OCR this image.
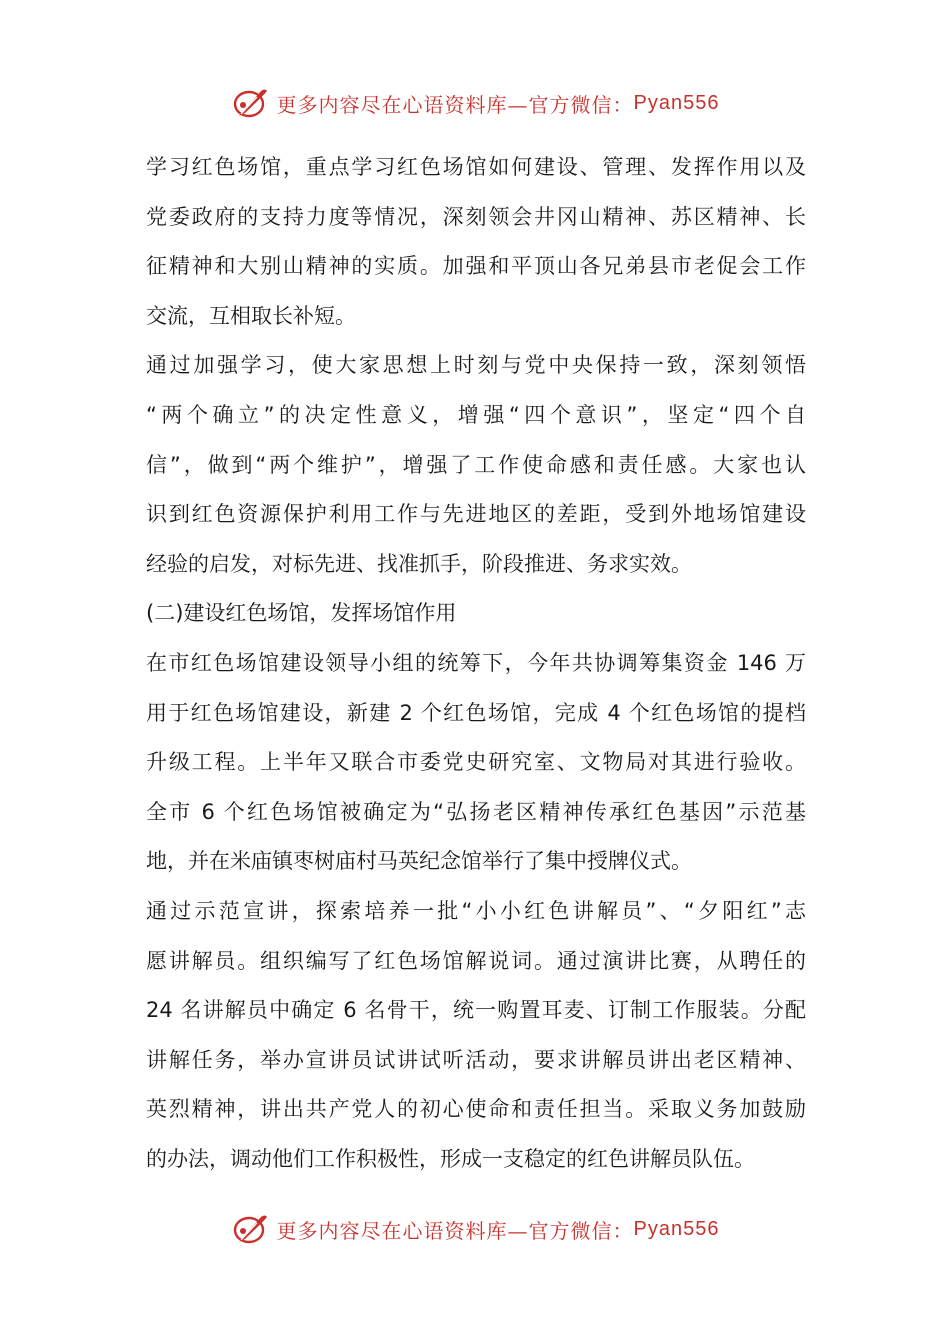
更多内容尽在心语资料库—官方微信： Pyan556
学习红色场馆，重点学习红色场馆如何建设、管理、发挥作用以及
党委政府的支持力度等情况，深刻领会井冈山精神、苏区精神、长
征精神和大别山精神的实质。加强和平顶山各兄弟县市老促会工作
交流，互相取长补短。
通过加强学习，使大家思想上时刻与党中央保持一致，深刻领悟
“两个确立”的决定性意义，增强“四个意识”，坚定“四个自
信”，做到“两个维护”，增强了工作使命感和责任感。大家也认
识到红色资源保护利用工作与先进地区的差距，受到外地场馆建设
经验的启发，对标先进、找准抓手，阶段推进、务求实效。
(二)建设红色场馆，发挥场馆作用
在市红色场馆建设领导小组的统筹下，今年共协调筹集资金 146 万
用于红色场馆建设，新建 2 个红色场馆，完成 4 个红色场馆的提档
升级工程。上半年又联合市委党史研究室、文物局对其进行验收。
全市 6 个红色场馆被确定为“弘扬老区精神传承红色基因”示范基
地，并在米庙镇枣树庙村马英纪念馆举行了集中授牌仪式。
通过示范宣讲，探索培养一批“小小红色讲解员”、“夕阳红”志
愿讲解员。组织编写了红色场馆解说词。通过演讲比赛，从聘任的
24 名讲解员中确定 6 名骨干，统一购置耳麦、订制工作服装。分配
讲解任务，举办宣讲员试讲试听活动，要求讲解员讲出老区精神、
英烈精神，讲出共产党人的初心使命和责任担当。采取义务加鼓励
的办法，调动他们工作积极性，形成一支稳定的红色讲解员队伍。
更多内容尽在心语资料库—官方微信： Pyan556
